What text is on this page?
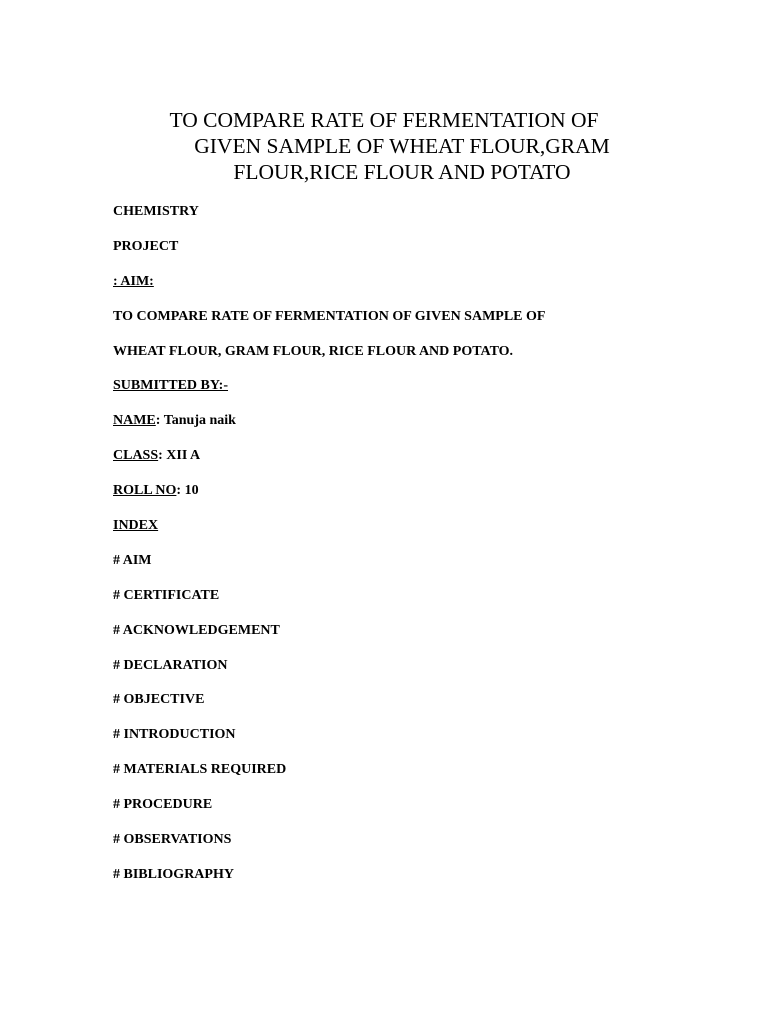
TO COMPARE RATE OF FERMENTATION OF
GIVEN SAMPLE OF WHEAT FLOUR,GRAM
FLOUR,RICE FLOUR AND POTATO
CHEMISTRY
PROJECT
: AIM:
TO COMPARE RATE OF FERMENTATION OF GIVEN SAMPLE OF
WHEAT FLOUR, GRAM FLOUR, RICE FLOUR AND POTATO.
SUBMITTED BY:-
NAME: Tanuja naik
CLASS: XII A
ROLL NO: 10
INDEX
# AIM
# CERTIFICATE
# ACKNOWLEDGEMENT
# DECLARATION
# OBJECTIVE
# INTRODUCTION
# MATERIALS REQUIRED
# PROCEDURE
# OBSERVATIONS
# BIBLIOGRAPHY
